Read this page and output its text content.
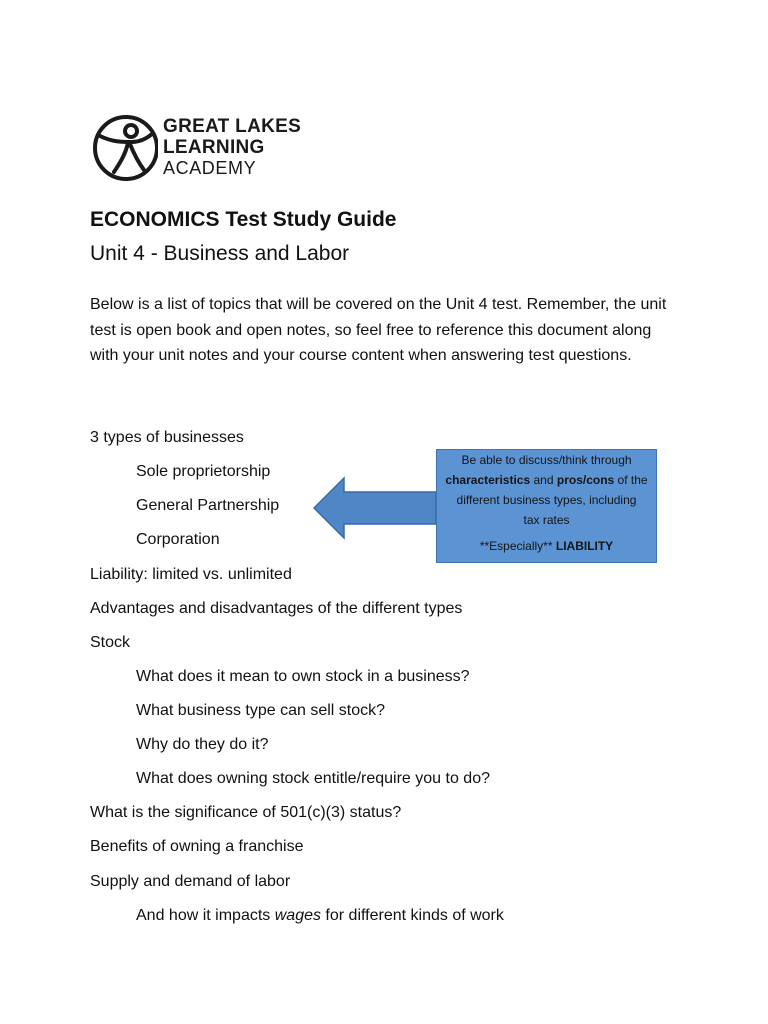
GREAT LAKES
LEARNING
ACADEMY
ECONOMICS Test Study Guide
Unit 4 - Business and Labor
Below is a list of topics that will be covered on the Unit 4 test. Remember, the unit test is open book and open notes, so feel free to reference this document along with your unit notes and your course content when answering test questions.
3 types of businesses
Sole proprietorship
General Partnership
Corporation
Liability: limited vs. unlimited
Advantages and disadvantages of the different types
Stock
What does it mean to own stock in a business?
What business type can sell stock?
Why do they do it?
What does owning stock entitle/require you to do?
What is the significance of 501(c)(3) status?
Benefits of owning a franchise
Supply and demand of labor
And how it impacts wages for different kinds of work
Be able to discuss/think through
characteristics and pros/cons of the
different business types, including
tax rates
**Especially** LIABILITY
